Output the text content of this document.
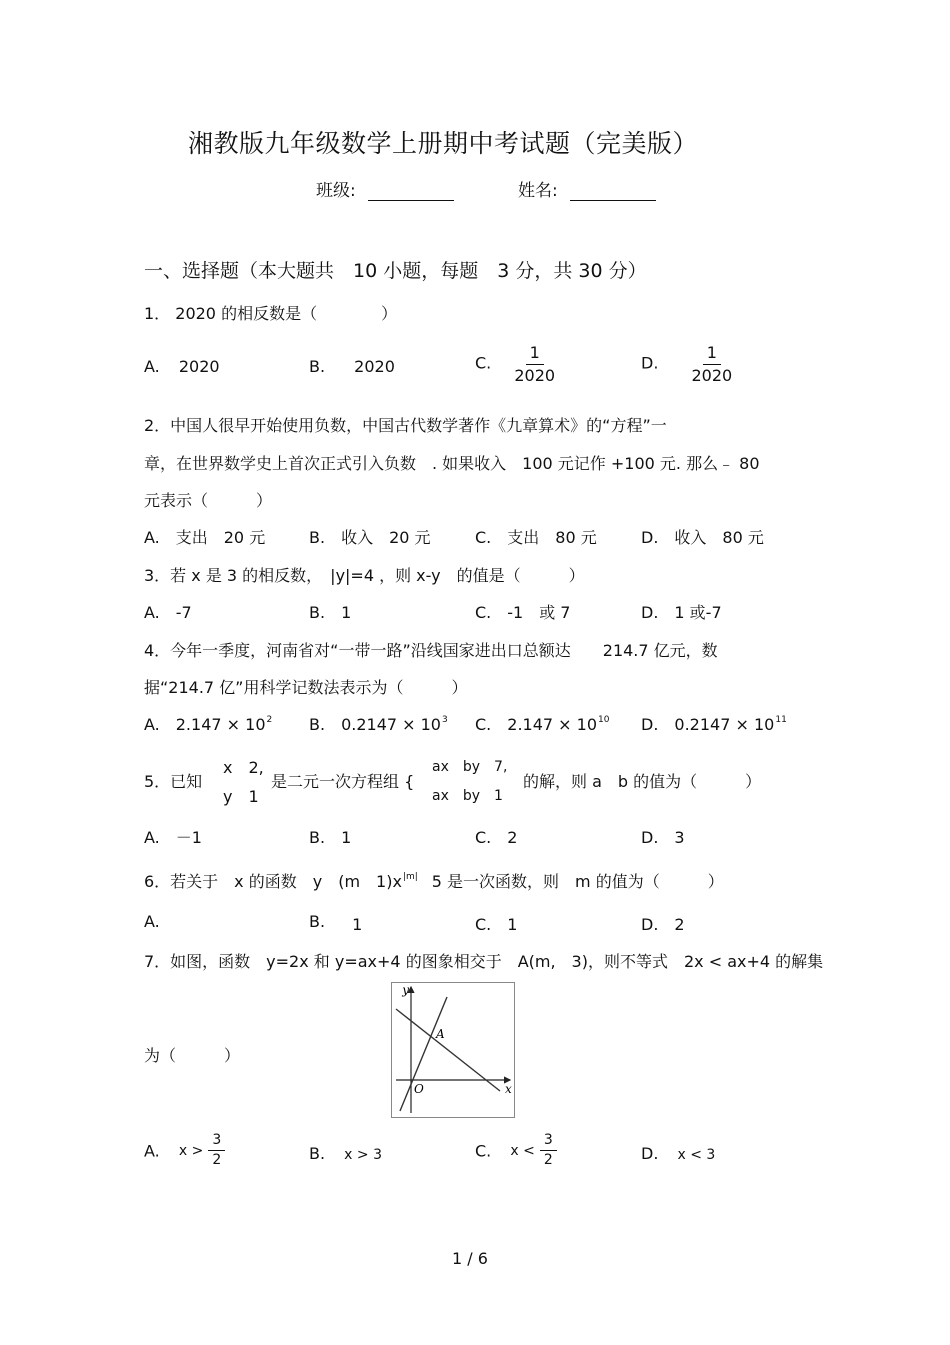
湘教版九年级数学上册期中考试题（完美版）
班级:	姓名:
一、选择题（本大题共　10 小题，每题　3 分，共 30 分）
1． 2020 的相反数是（　　　　）
A. 2020	B. 2020	C. $\frac{1}{2020}$	D. $\frac{1}{2020}$
2．中国人很早开始使用负数，中国古代数学著作《九章算术》的“方程”一
章，在世界数学史上首次正式引入负数　. 如果收入　100 元记作 +100 元. 那么﹣ 80
元表示（　　　）
A.　支出　20 元	B.　收入　20 元	C.　支出　80 元	D.　收入　80 元
3．若 x 是 3 的相反数，　|y|=4 ，则 x-y　的值是（　　　）
A.　-7	B.　1	C.　-1　或 7	D.　1 或-7
4．今年一季度，河南省对“一带一路”沿线国家进出口总额达　　214.7 亿元，数
据“214.7 亿”用科学记数法表示为（　　　）
A.　$2.147 \times 10^2$ B.　$0.2147 \times 10^3$ C.　$2.147 \times 10^{10}$ D.　$0.2147 \times 10^{11}$
5．已知
x　2,
y　1
是二元一次方程组 {
ax　by　7,
ax　by　1
的解，则 a　b 的值为（　　　）
A.　－1	B.　1	C.　2	D.　3
6．若关于　x 的函数　y　(m　$1)x^{|m|}$ 5 是一次函数，则　m 的值为（　　　）
A.	B. 1	C.　1	D.　2
7．如图，函数　y=2x 和 y=ax+4 的图象相交于　A(m,　3)，则不等式　2x < ax+4 的解集
y
x
O
A
为（　　　）
A. $x > \frac{3}{2}$	B. x > 3	C. $x < \frac{3}{2}$	D. x < 3
1 / 6
